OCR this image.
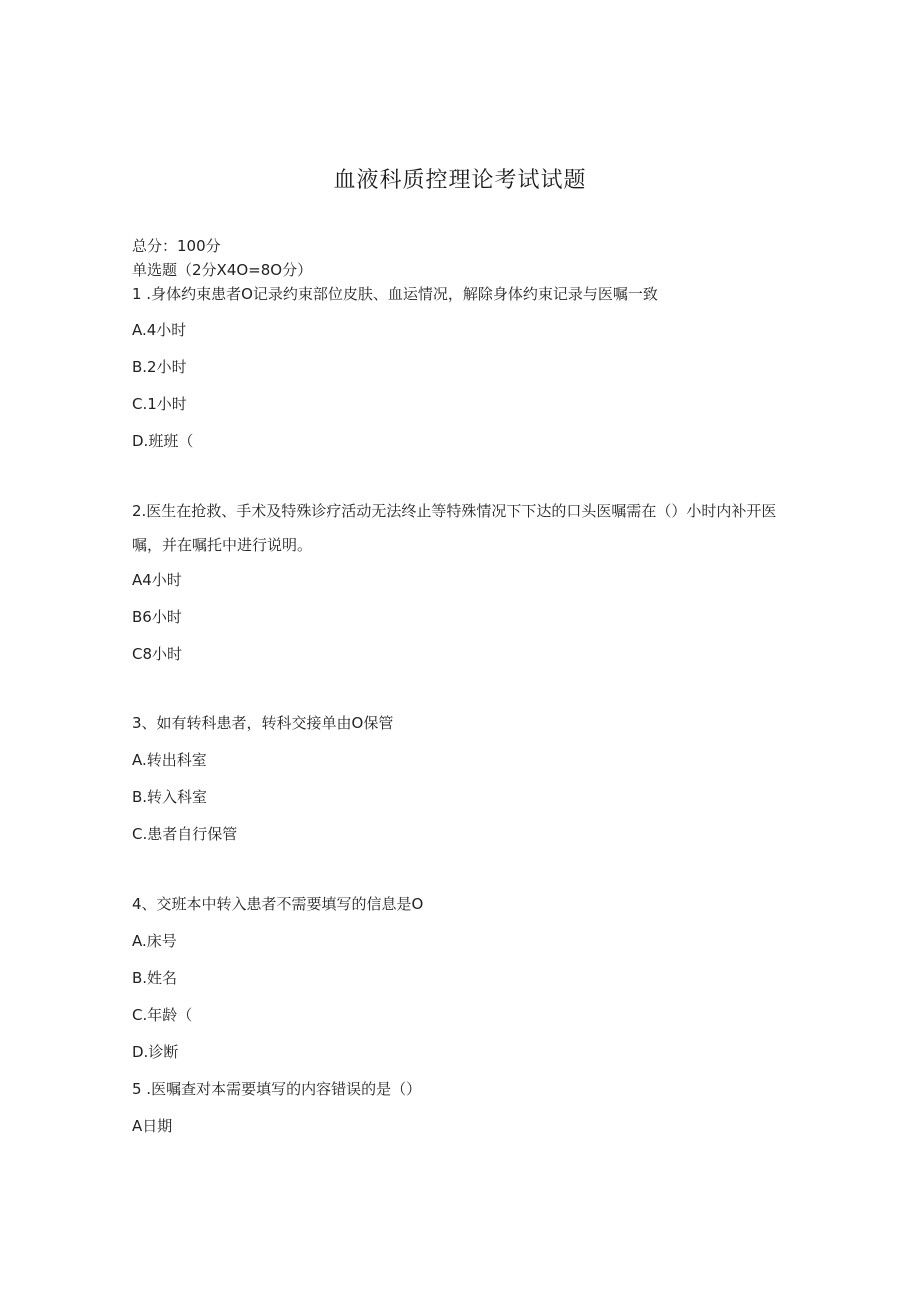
血液科质控理论考试试题
总分：100分
单选题（2分X4O=8O分）
1 .身体约束患者O记录约束部位皮肤、血运情况，解除身体约束记录与医嘱一致
A.4小时
B.2小时
C.1小时
D.班班（
2.医生在抢救、手术及特殊诊疗活动无法终止等特殊情况下下达的口头医嘱需在（）小时内补开医嘱，并在嘱托中进行说明。
A4小时
B6小时
C8小时
3、如有转科患者，转科交接单由O保管
A.转出科室
B.转入科室
C.患者自行保管
4、交班本中转入患者不需要填写的信息是O
A.床号
B.姓名
C.年龄（
D.诊断
5 .医嘱查对本需要填写的内容错误的是（）
A日期
